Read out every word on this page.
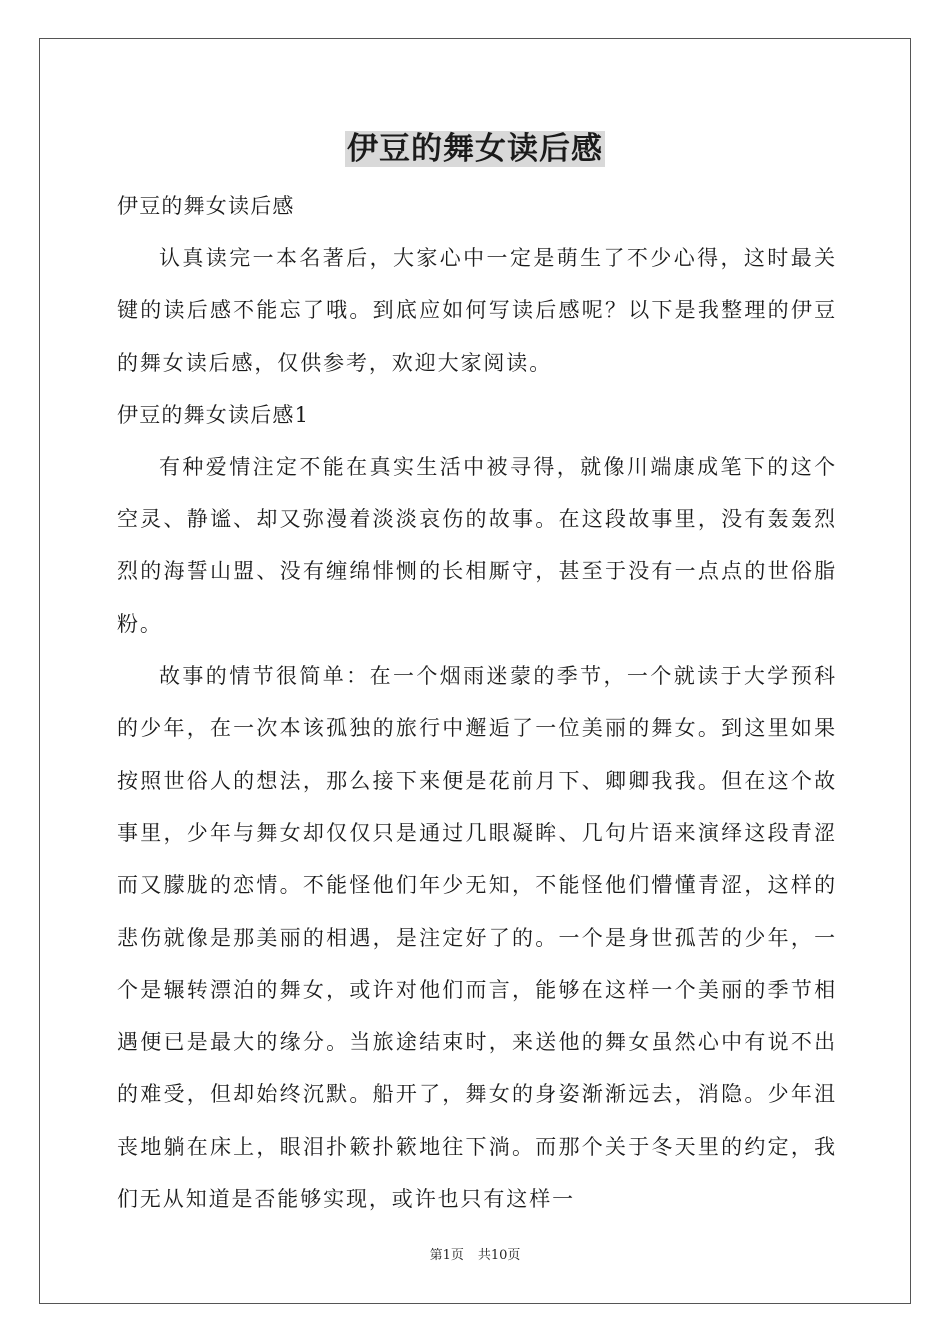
伊豆的舞女读后感
伊豆的舞女读后感

认真读完一本名著后，大家心中一定是萌生了不少心得，这时最关键的读后感不能忘了哦。到底应如何写读后感呢？以下是我整理的伊豆的舞女读后感，仅供参考，欢迎大家阅读。

伊豆的舞女读后感1

有种爱情注定不能在真实生活中被寻得，就像川端康成笔下的这个空灵、静谧、却又弥漫着淡淡哀伤的故事。在这段故事里，没有轰轰烈烈的海誓山盟、没有缠绵悱恻的长相厮守，甚至于没有一点点的世俗脂粉。

故事的情节很简单：在一个烟雨迷蒙的季节，一个就读于大学预科的少年，在一次本该孤独的旅行中邂逅了一位美丽的舞女。到这里如果按照世俗人的想法，那么接下来便是花前月下、卿卿我我。但在这个故事里，少年与舞女却仅仅只是通过几眼凝眸、几句片语来演绎这段青涩而又朦胧的恋情。不能怪他们年少无知，不能怪他们懵懂青涩，这样的悲伤就像是那美丽的相遇，是注定好了的。一个是身世孤苦的少年，一个是辗转漂泊的舞女，或许对他们而言，能够在这样一个美丽的季节相遇便已是最大的缘分。当旅途结束时，来送他的舞女虽然心中有说不出的难受，但却始终沉默。船开了，舞女的身姿渐渐远去，消隐。少年沮丧地躺在床上，眼泪扑簌扑簌地往下淌。而那个关于冬天里的约定，我们无从知道是否能够实现，或许也只有这样一

第1页 共10页
